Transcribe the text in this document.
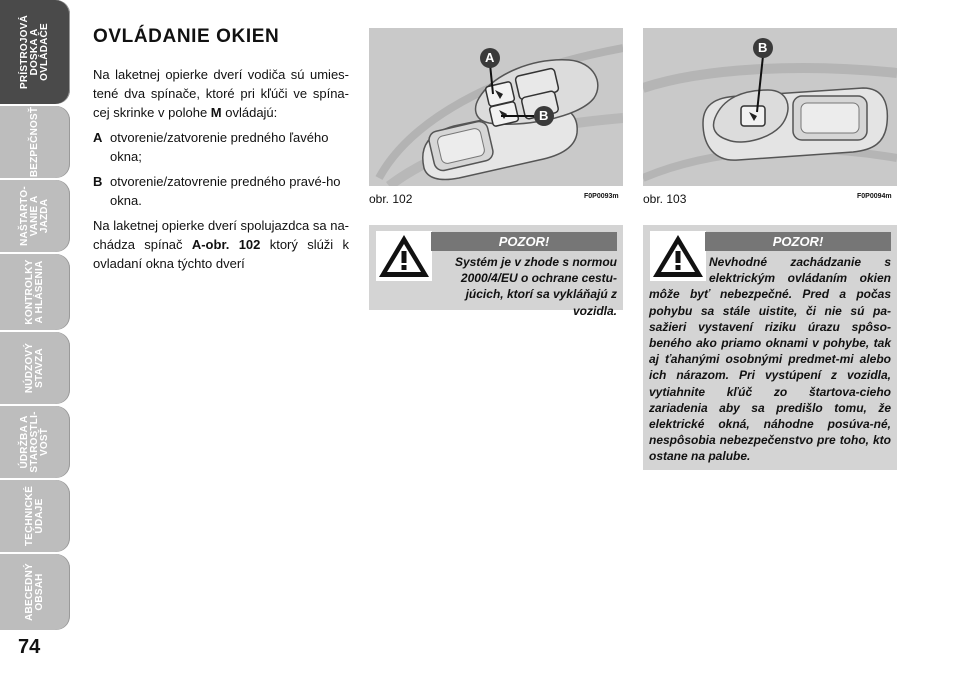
PRÍSTROJOVÁ
DOSKA A
OVLÁDAČE
BEZPEČNOSŤ
NAŠTARTO-
VANIE A
JAZDA
KONTROLKY
A HLÁSENIA
NÚDZOVÝ
STAVZA
ÚDRŽBA A
STAROSTLI-
VOSŤ
TECHNICKÉ
ÚDAJE
ABECEDNÝ
OBSAH
74
OVLÁDANIE OKIEN

Na laketnej opierke dverí vodiča sú umies-tené dva spínače, ktoré pri kľúči ve spína-cej skrinke v polohe M ovládajú:

A otvorenie/zatvorenie predného ľavého okna;
B otvorenie/zatovrenie predného pravé-ho okna.

Na laketnej opierke dverí spolujazdca sa na-chádza spínač A-obr. 102 ktorý slúži k ovladaní okna týchto dverí

A
B
obr. 102	F0P0093m
B
obr. 103	F0P0094m
POZOR!

Systém je v zhode s normou 2000/4/EU o ochrane cestu-júcich, ktorí sa vykláňajú z vozidla.

POZOR!

Nevhodné zachádzanie s elektrickým ovládaním okien môže byť nebezpečné. Pred a počas pohybu sa stále uistite, či nie sú pa-sažieri vystavení riziku úrazu spôso-beného ako priamo oknami v pohybe, tak aj ťahanými osobnými predmet-mi alebo ich nárazom. Pri vystúpení z vozidla, vytiahnite kľúč zo štartova-cieho zariadenia aby sa predišlo tomu, že elektrické okná, náhodne posúva-né, nespôsobia nebezpečenstvo pre toho, kto ostane na palube.
